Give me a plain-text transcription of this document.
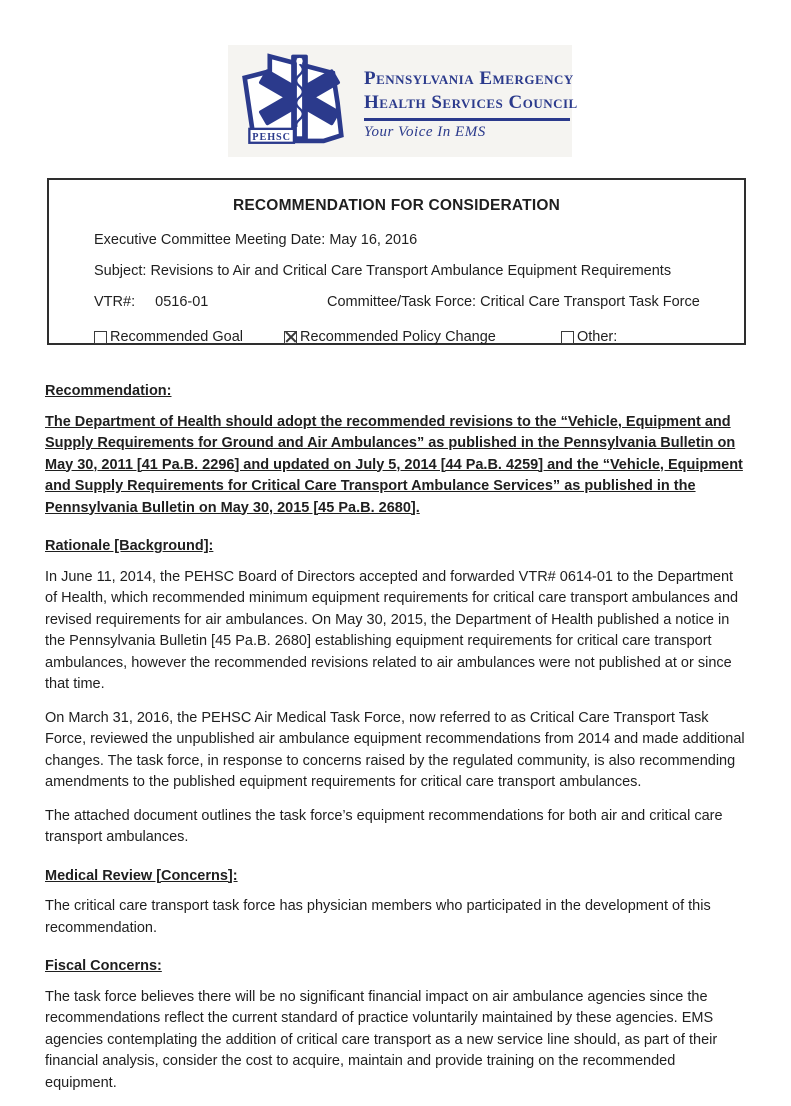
PEHSC
Pennsylvania Emergency
Health Services Council
Your Voice In EMS
RECOMMENDATION FOR CONSIDERATION
Executive Committee Meeting Date: May 16, 2016
Subject: Revisions to Air and Critical Care Transport Ambulance Equipment Requirements
VTR#: 0516-01	Committee/Task Force: Critical Care Transport Task Force
Recommended Goal	Recommended Policy Change	Other:
Recommendation:

The Department of Health should adopt the recommended revisions to the “Vehicle, Equipment and Supply Requirements for Ground and Air Ambulances” as published in the Pennsylvania Bulletin on May 30, 2011 [41 Pa.B. 2296] and updated on July 5, 2014 [44 Pa.B. 4259] and the “Vehicle, Equipment and Supply Requirements for Critical Care Transport Ambulance Services” as published in the Pennsylvania Bulletin on May 30, 2015 [45 Pa.B. 2680].

Rationale [Background]:

In June 11, 2014, the PEHSC Board of Directors accepted and forwarded VTR# 0614-01 to the Department of Health, which recommended minimum equipment requirements for critical care transport ambulances and revised requirements for air ambulances. On May 30, 2015, the Department of Health published a notice in the Pennsylvania Bulletin [45 Pa.B. 2680] establishing equipment requirements for critical care transport ambulances, however the recommended revisions related to air ambulances were not published at or since that time.

On March 31, 2016, the PEHSC Air Medical Task Force, now referred to as Critical Care Transport Task Force, reviewed the unpublished air ambulance equipment recommendations from 2014 and made additional changes. The task force, in response to concerns raised by the regulated community, is also recommending amendments to the published equipment requirements for critical care transport ambulances.

The attached document outlines the task force’s equipment recommendations for both air and critical care transport ambulances.

Medical Review [Concerns]:

The critical care transport task force has physician members who participated in the development of this recommendation.

Fiscal Concerns:

The task force believes there will be no significant financial impact on air ambulance agencies since the recommendations reflect the current standard of practice voluntarily maintained by these agencies. EMS agencies contemplating the addition of critical care transport as a new service line should, as part of their financial analysis, consider the cost to acquire, maintain and provide training on the recommended equipment.
